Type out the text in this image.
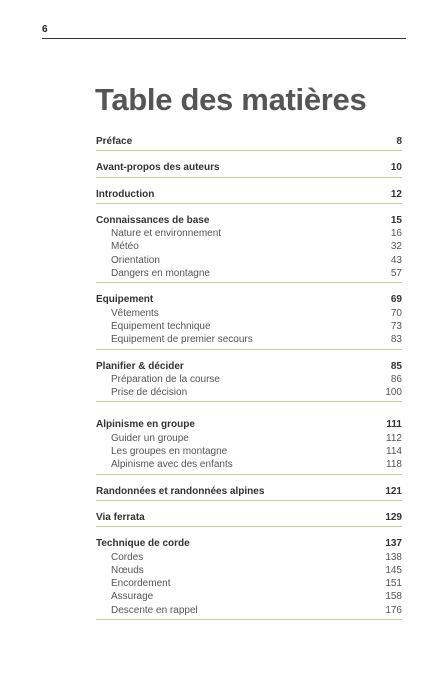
6
Table des matières
Préface	8
Avant-propos des auteurs	10
Introduction	12
Connaissances de base	15
Nature et environnement	16
Météo	32
Orientation	43
Dangers en montagne	57
Equipement	69
Vêtements	70
Equipement technique	73
Equipement de premier secours	83
Planifier & décider	85
Préparation de la course	86
Prise de décision	100
Alpinisme en groupe	111
Guider un groupe	112
Les groupes en montagne	114
Alpinisme avec des enfants	118
Randonnées et randonnées alpines	121
Via ferrata	129
Technique de corde	137
Cordes	138
Nœuds	145
Encordement	151
Assurage	158
Descente en rappel	176
